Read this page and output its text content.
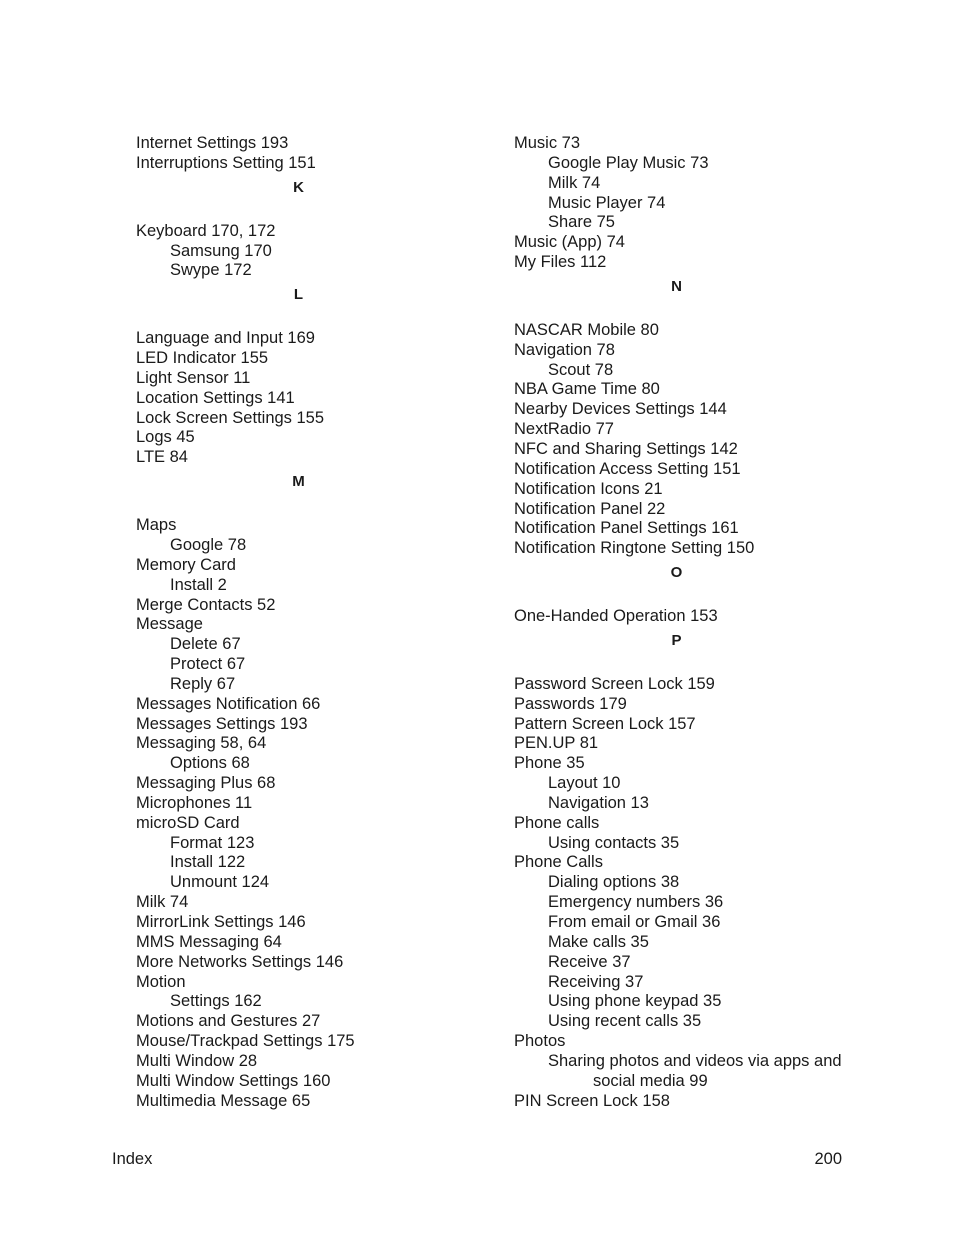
Internet Settings 193
Interruptions Setting 151
K
Keyboard 170, 172
Samsung 170
Swype 172
L
Language and Input 169
LED Indicator 155
Light Sensor 11
Location Settings 141
Lock Screen Settings 155
Logs 45
LTE 84
M
Maps
Google 78
Memory Card
Install 2
Merge Contacts 52
Message
Delete 67
Protect 67
Reply 67
Messages Notification 66
Messages Settings 193
Messaging 58, 64
Options 68
Messaging Plus 68
Microphones 11
microSD Card
Format 123
Install 122
Unmount 124
Milk 74
MirrorLink Settings 146
MMS Messaging 64
More Networks Settings 146
Motion
Settings 162
Motions and Gestures 27
Mouse/Trackpad Settings 175
Multi Window 28
Multi Window Settings 160
Multimedia Message 65
Music 73
Google Play Music 73
Milk 74
Music Player 74
Share 75
Music (App) 74
My Files 112
N
NASCAR Mobile 80
Navigation 78
Scout 78
NBA Game Time 80
Nearby Devices Settings 144
NextRadio 77
NFC and Sharing Settings 142
Notification Access Setting 151
Notification Icons 21
Notification Panel 22
Notification Panel Settings 161
Notification Ringtone Setting 150
O
One-Handed Operation 153
P
Password Screen Lock 159
Passwords 179
Pattern Screen Lock 157
PEN.UP 81
Phone 35
Layout 10
Navigation 13
Phone calls
Using contacts 35
Phone Calls
Dialing options 38
Emergency numbers 36
From email or Gmail 36
Make calls 35
Receive 37
Receiving 37
Using phone keypad 35
Using recent calls 35
Photos
Sharing photos and videos via apps and
social media 99
PIN Screen Lock 158
Index	200
